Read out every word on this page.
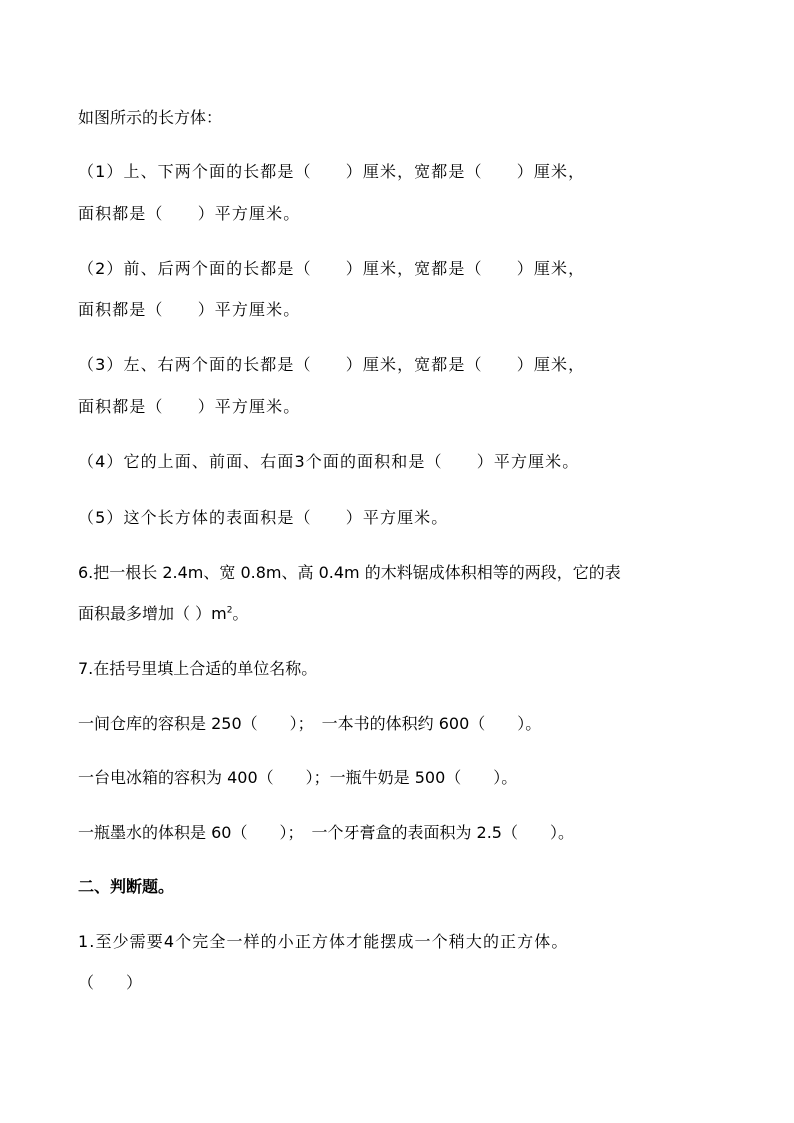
如图所示的长方体：
（1）上、下两个面的长都是（　　）厘米，宽都是（　　）厘米，
面积都是（　　）平方厘米。
（2）前、后两个面的长都是（　　）厘米，宽都是（　　）厘米，
面积都是（　　）平方厘米。
（3）左、右两个面的长都是（　　）厘米，宽都是（　　）厘米，
面积都是（　　）平方厘米。
（4）它的上面、前面、右面3个面的面积和是（　　）平方厘米。
（5）这个长方体的表面积是（　　）平方厘米。
6.把一根长 2.4m、宽 0.8m、高 0.4m 的木料锯成体积相等的两段，它的表
面积最多增加（ ）$m^2$。
7.在括号里填上合适的单位名称。
一间仓库的容积是 250（　　）；　一本书的体积约 600（　　）。
一台电冰箱的容积为 400（　　）；一瓶牛奶是 500（　　）。
一瓶墨水的体积是 60（　　）；　一个牙膏盒的表面积为 2.5（　　）。
二、判断题。
1.至少需要4个完全一样的小正方体才能摆成一个稍大的正方体。
（　　）
